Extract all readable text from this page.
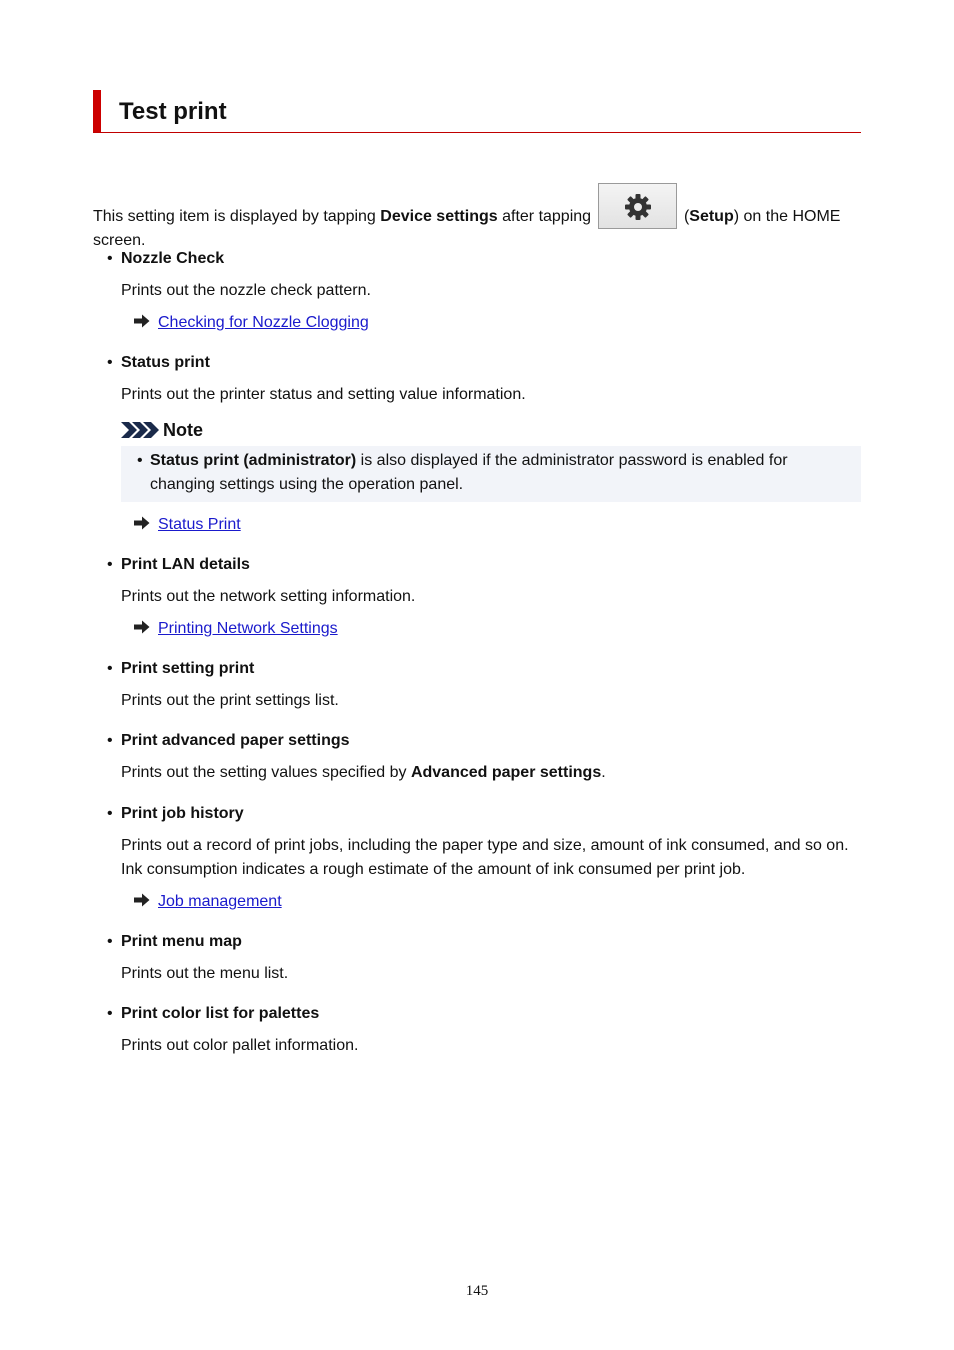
Test print
This setting item is displayed by tapping Device settings after tapping	(Setup) on the HOME screen.
• Nozzle Check
Prints out the nozzle check pattern.
Checking for Nozzle Clogging
• Status print
Prints out the printer status and setting value information.
Note
• Status print (administrator) is also displayed if the administrator password is enabled for changing settings using the operation panel.
Status Print
• Print LAN details
Prints out the network setting information.
Printing Network Settings
• Print setting print
Prints out the print settings list.
• Print advanced paper settings
Prints out the setting values specified by Advanced paper settings.
• Print job history
Prints out a record of print jobs, including the paper type and size, amount of ink consumed, and so on.
Ink consumption indicates a rough estimate of the amount of ink consumed per print job.
Job management
• Print menu map
Prints out the menu list.
• Print color list for palettes
Prints out color pallet information.
145
